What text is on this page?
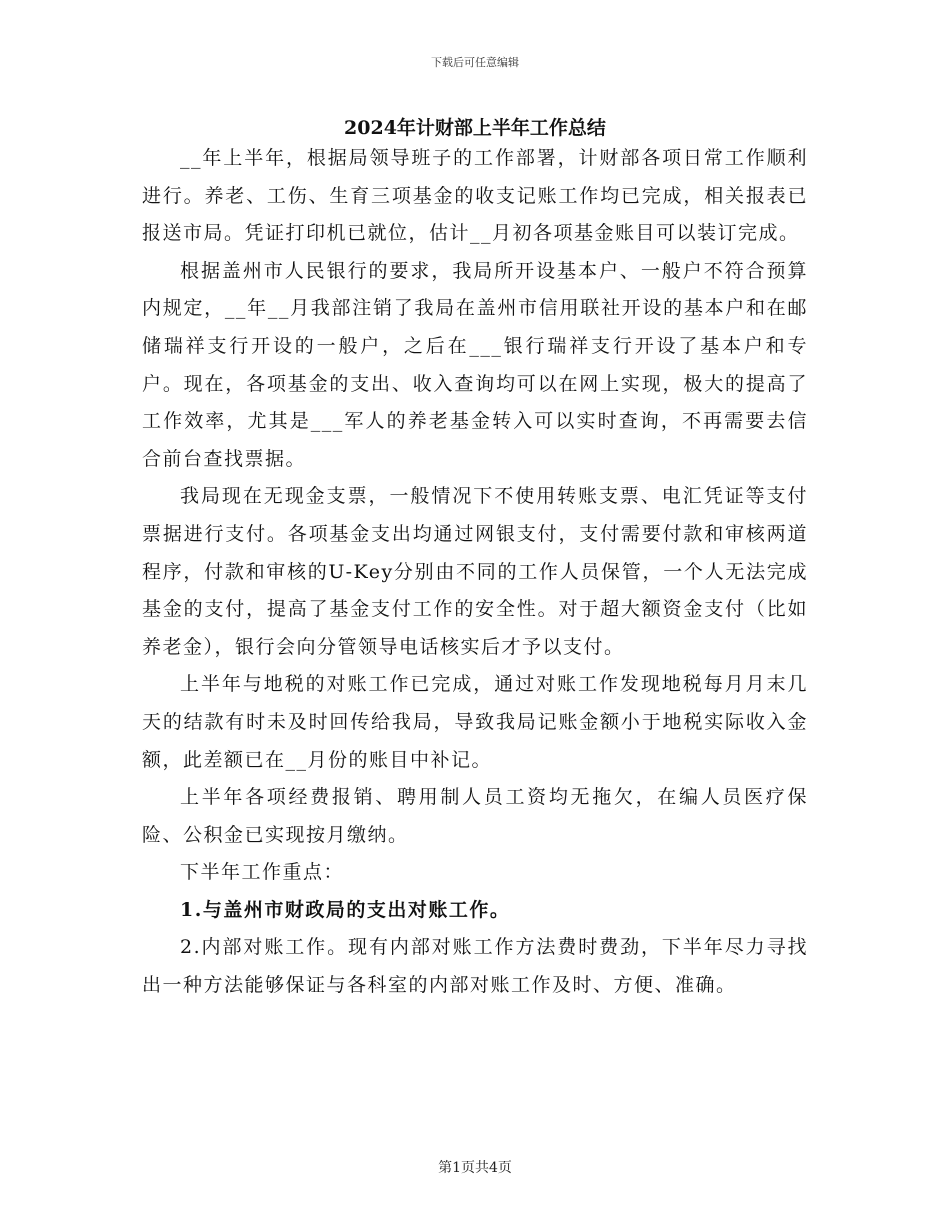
下载后可任意编辑
2024年计财部上半年工作总结

__年上半年，根据局领导班子的工作部署，计财部各项日常工作顺利进行。养老、工伤、生育三项基金的收支记账工作均已完成，相关报表已报送市局。凭证打印机已就位，估计__月初各项基金账目可以装订完成。

根据盖州市人民银行的要求，我局所开设基本户、一般户不符合预算内规定，__年__月我部注销了我局在盖州市信用联社开设的基本户和在邮储瑞祥支行开设的一般户，之后在___银行瑞祥支行开设了基本户和专户。现在，各项基金的支出、收入查询均可以在网上实现，极大的提高了工作效率，尤其是___军人的养老基金转入可以实时查询，不再需要去信合前台查找票据。

我局现在无现金支票，一般情况下不使用转账支票、电汇凭证等支付票据进行支付。各项基金支出均通过网银支付，支付需要付款和审核两道程序，付款和审核的U-Key分别由不同的工作人员保管，一个人无法完成基金的支付，提高了基金支付工作的安全性。对于超大额资金支付（比如养老金），银行会向分管领导电话核实后才予以支付。

上半年与地税的对账工作已完成，通过对账工作发现地税每月月末几天的结款有时未及时回传给我局，导致我局记账金额小于地税实际收入金额，此差额已在__月份的账目中补记。

上半年各项经费报销、聘用制人员工资均无拖欠，在编人员医疗保险、公积金已实现按月缴纳。

下半年工作重点：

1.与盖州市财政局的支出对账工作。

2.内部对账工作。现有内部对账工作方法费时费劲，下半年尽力寻找出一种方法能够保证与各科室的内部对账工作及时、方便、准确。

第1页共4页
